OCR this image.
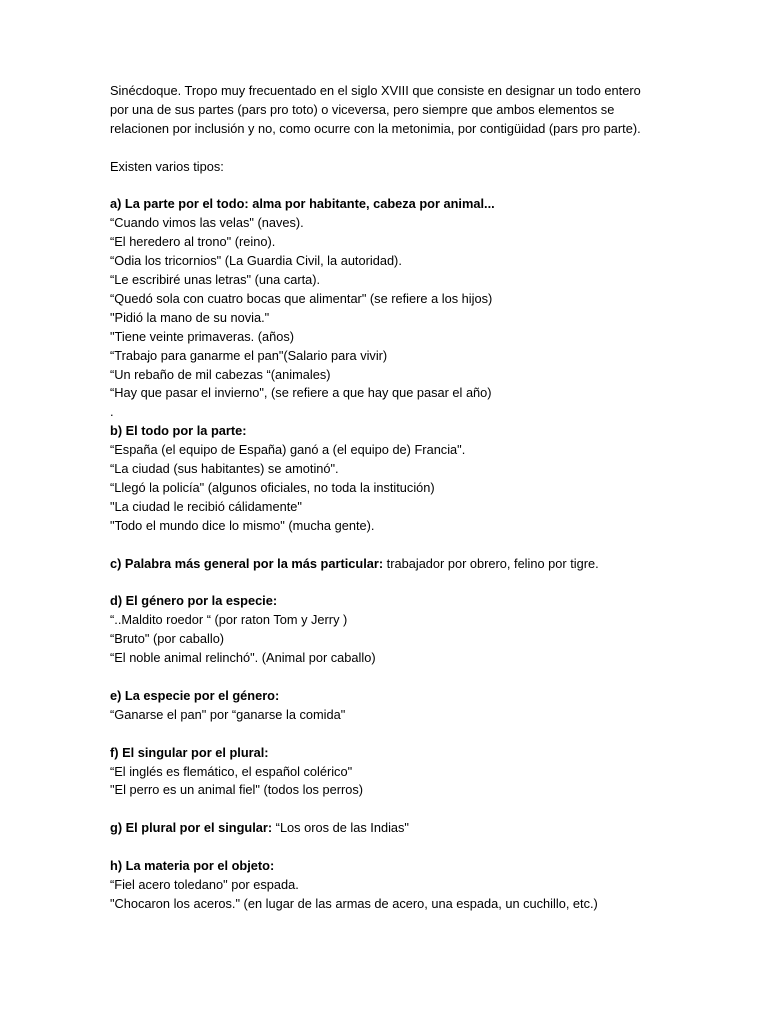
Sinécdoque. Tropo muy frecuentado en el siglo XVIII que consiste en designar un todo entero
por una de sus partes (pars pro toto) o viceversa, pero siempre que ambos elementos se
relacionen por inclusión y no, como ocurre con la metonimia, por contigüidad (pars pro parte).
Existen varios tipos:
a) La parte por el todo: alma por habitante, cabeza por animal...
“Cuando vimos las velas" (naves).
“El heredero al trono" (reino).
“Odia los tricornios" (La Guardia Civil, la autoridad).
“Le escribiré unas letras" (una carta).
“Quedó sola con cuatro bocas que alimentar" (se refiere a los hijos)
"Pidió la mano de su novia."
"Tiene veinte primaveras. (años)
“Trabajo para ganarme el pan"(Salario para vivir)
“Un rebaño de mil cabezas “(animales)
“Hay que pasar el invierno", (se refiere a que hay que pasar el año)
.
b) El todo por la parte:
“España (el equipo de España) ganó a (el equipo de) Francia".
“La ciudad (sus habitantes) se amotinó".
“Llegó la policía" (algunos oficiales, no toda la institución)
"La ciudad le recibió cálidamente"
"Todo el mundo dice lo mismo" (mucha gente).
c) Palabra más general por la más particular: trabajador por obrero, felino por tigre.
d) El género por la especie:
“..Maldito roedor “ (por raton Tom y Jerry )
“Bruto" (por caballo)
“El noble animal relinchó". (Animal por caballo)
e) La especie por el género:
“Ganarse el pan" por “ganarse la comida"
f) El singular por el plural:
“El inglés es flemático, el español colérico"
"El perro es un animal fiel" (todos los perros)
g) El plural por el singular: “Los oros de las Indias"
h) La materia por el objeto:
“Fiel acero toledano" por espada.
"Chocaron los aceros." (en lugar de las armas de acero, una espada, un cuchillo, etc.)
